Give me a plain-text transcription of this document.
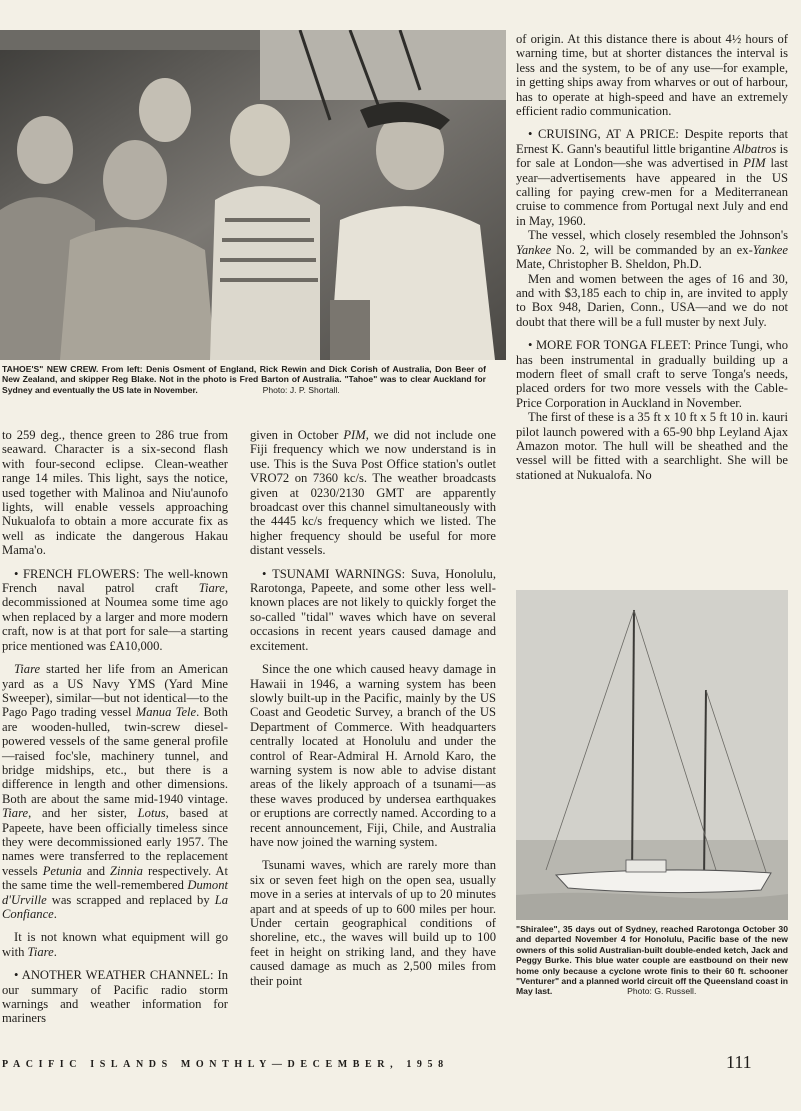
TAHOE'S" NEW CREW. From left: Denis Osment of England, Rick Rewin and Dick Corish of Australia, Don Beer of New Zealand, and skipper Reg Blake. Not in the photo is Fred Barton of Australia. "Tahoe" was to clear Auckland for Sydney and eventually the US late in November.	Photo: J. P. Shortall.

to 259 deg., thence green to 286 true from seaward. Character is a six-second flash with four-second eclipse. Clean-weather range 14 miles. This light, says the notice, used together with Malinoa and Niu'aunofo lights, will enable vessels approaching Nukualofa to obtain a more accurate fix as well as indicate the dangerous Hakau Mama'o.

• FRENCH FLOWERS: The well-known French naval patrol craft Tiare, decommissioned at Noumea some time ago when replaced by a larger and more modern craft, now is at that port for sale—a starting price mentioned was £A10,000.

Tiare started her life from an American yard as a US Navy YMS (Yard Mine Sweeper), similar—but not identical—to the Pago Pago trading vessel Manua Tele. Both are wooden-hulled, twin-screw diesel-powered vessels of the same general profile—raised foc'sle, machinery tunnel, and bridge midships, etc., but there is a difference in length and other dimensions. Both are about the same mid-1940 vintage. Tiare, and her sister, Lotus, based at Papeete, have been officially timeless since they were decommissioned early 1957. The names were transferred to the replacement vessels Petunia and Zinnia respectively. At the same time the well-remembered Dumont d'Urville was scrapped and replaced by La Confiance.

It is not known what equipment will go with Tiare.

• ANOTHER WEATHER CHANNEL: In our summary of Pacific radio storm warnings and weather information for mariners

given in October PIM, we did not include one Fiji frequency which we now understand is in use. This is the Suva Post Office station's outlet VRO72 on 7360 kc/s. The weather broadcasts given at 0230/2130 GMT are apparently broadcast over this channel simultaneously with the 4445 kc/s frequency which we listed. The higher frequency should be useful for more distant vessels.

• TSUNAMI WARNINGS: Suva, Honolulu, Rarotonga, Papeete, and some other less well-known places are not likely to quickly forget the so-called "tidal" waves which have on several occasions in recent years caused damage and excitement.

Since the one which caused heavy damage in Hawaii in 1946, a warning system has been slowly built-up in the Pacific, mainly by the US Coast and Geodetic Survey, a branch of the US Department of Commerce. With headquarters centrally located at Honolulu and under the control of Rear-Admiral H. Arnold Karo, the warning system is now able to advise distant areas of the likely approach of a tsunami—as these waves produced by undersea earthquakes or eruptions are correctly named. According to a recent announcement, Fiji, Chile, and Australia have now joined the warning system.

Tsunami waves, which are rarely more than six or seven feet high on the open sea, usually move in a series at intervals of up to 20 minutes apart and at speeds of up to 600 miles per hour. Under certain geographical conditions of shoreline, etc., the waves will build up to 100 feet in height on striking land, and they have caused damage as much as 2,500 miles from their point

of origin. At this distance there is about 4½ hours of warning time, but at shorter distances the interval is less and the system, to be of any use—for example, in getting ships away from wharves or out of harbour, has to operate at high-speed and have an extremely efficient radio communication.

• CRUISING, AT A PRICE: Despite reports that Ernest K. Gann's beautiful little brigantine Albatros is for sale at London—she was advertised in PIM last year—advertisements have appeared in the US calling for paying crew-men for a Mediterranean cruise to commence from Portugal next July and end in May, 1960.

The vessel, which closely resembled the Johnson's Yankee No. 2, will be commanded by an ex-Yankee Mate, Christopher B. Sheldon, Ph.D.

Men and women between the ages of 16 and 30, and with $3,185 each to chip in, are invited to apply to Box 948, Darien, Conn., USA—and we do not doubt that there will be a full muster by next July.

• MORE FOR TONGA FLEET: Prince Tungi, who has been instrumental in gradually building up a modern fleet of small craft to serve Tonga's needs, placed orders for two more vessels with the Cable-Price Corporation in Auckland in November.

The first of these is a 35 ft x 10 ft x 5 ft 10 in. kauri pilot launch powered with a 65-90 bhp Leyland Ajax Amazon motor. The hull will be sheathed and the vessel will be fitted with a searchlight. She will be stationed at Nukualofa. No

"Shiralee", 35 days out of Sydney, reached Rarotonga October 30 and departed November 4 for Honolulu, Pacific base of the new owners of this solid Australian-built double-ended ketch, Jack and Peggy Burke. This blue water couple are eastbound on their new home only because a cyclone wrote finis to their 60 ft. schooner "Venturer" and a planned world circuit off the Queensland coast in May last.	Photo: G. Russell.
PACIFIC ISLANDS MONTHLY—DECEMBER, 1958	111
